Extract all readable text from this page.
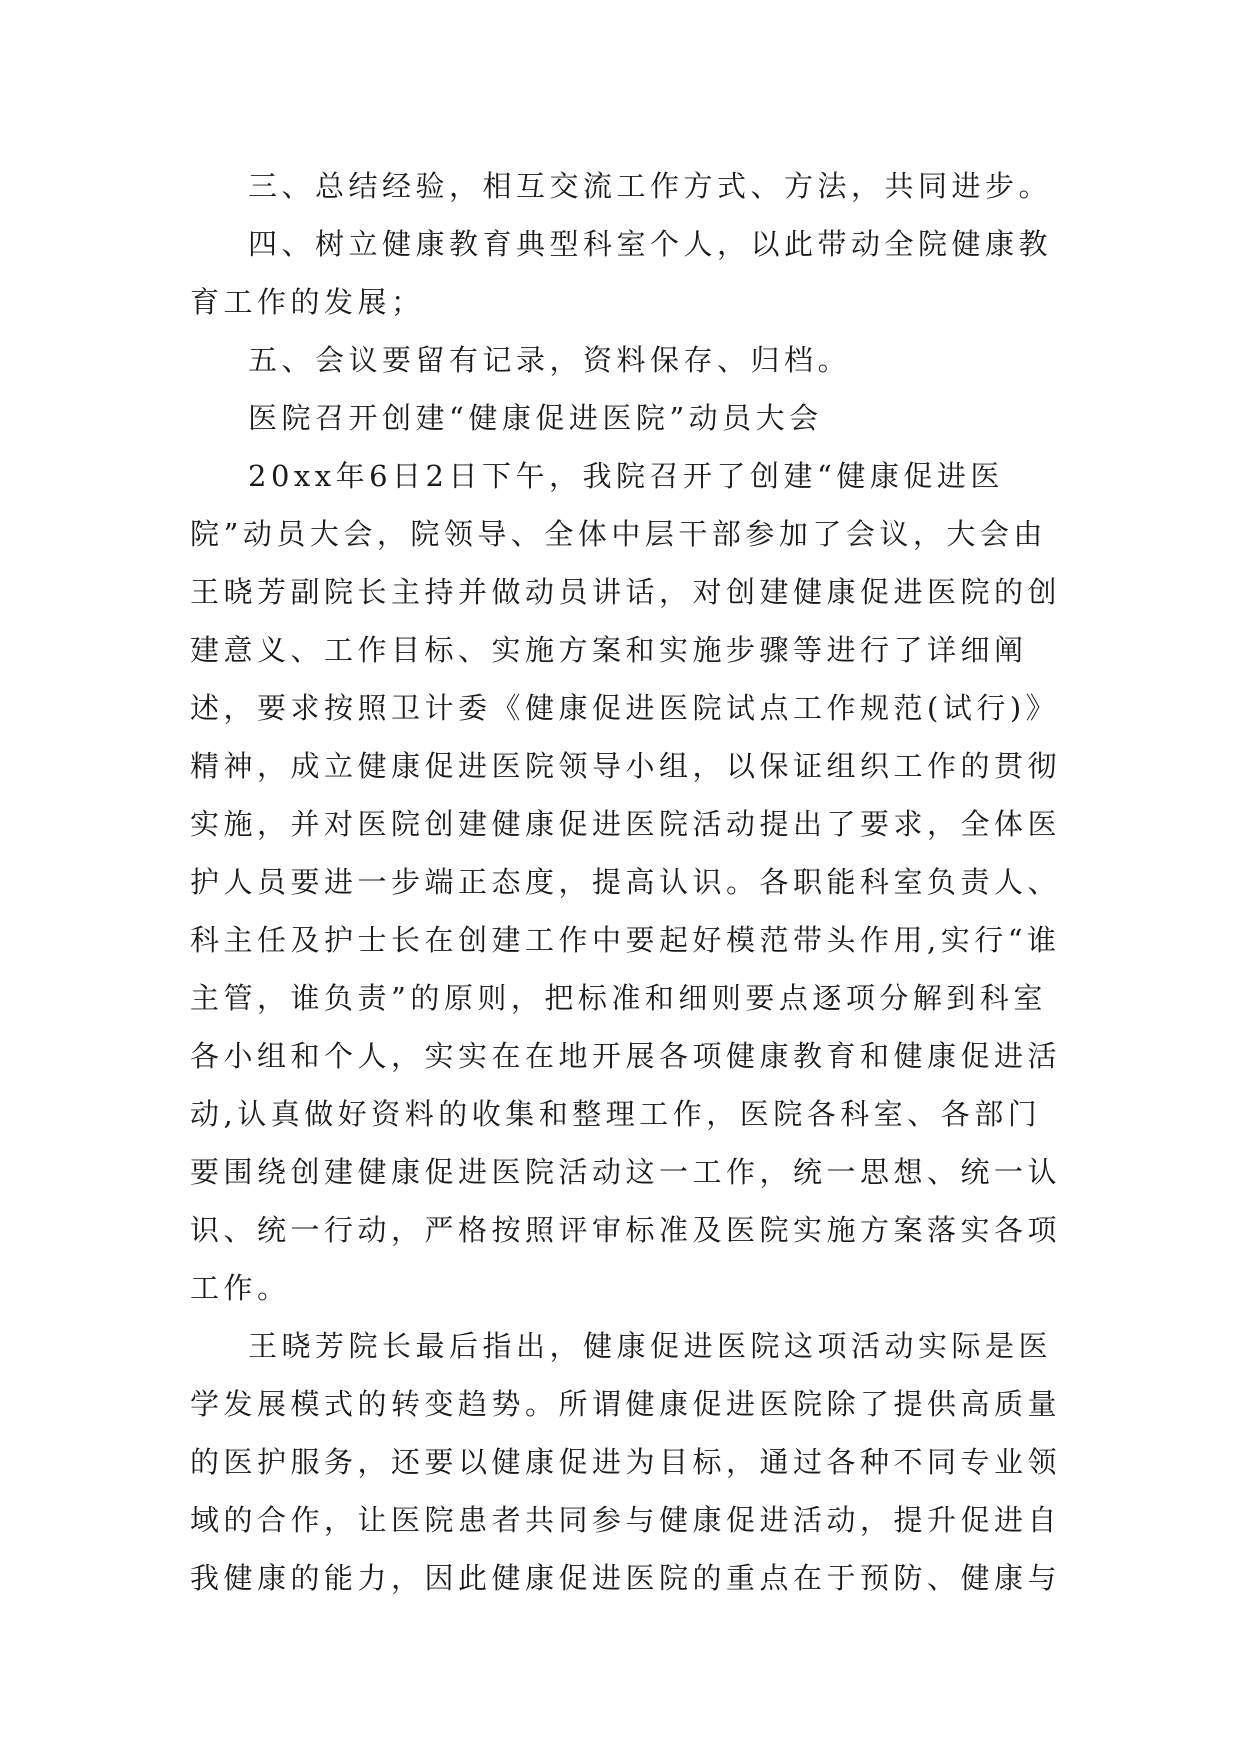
三、总结经验，相互交流工作方式、方法，共同进步。

四、树立健康教育典型科室个人，以此带动全院健康教育工作的发展；

五、会议要留有记录，资料保存、归档。

医院召开创建“健康促进医院”动员大会

20xx年6日2日下午，我院召开了创建“健康促进医院”动员大会，院领导、全体中层干部参加了会议，大会由王晓芳副院长主持并做动员讲话，对创建健康促进医院的创建意义、工作目标、实施方案和实施步骤等进行了详细阐述，要求按照卫计委《健康促进医院试点工作规范(试行)》精神，成立健康促进医院领导小组，以保证组织工作的贯彻实施，并对医院创建健康促进医院活动提出了要求，全体医护人员要进一步端正态度，提高认识。各职能科室负责人、科主任及护士长在创建工作中要起好模范带头作用,实行“谁主管，谁负责”的原则，把标准和细则要点逐项分解到科室各小组和个人，实实在在地开展各项健康教育和健康促进活动,认真做好资料的收集和整理工作，医院各科室、各部门要围绕创建健康促进医院活动这一工作，统一思想、统一认识、统一行动，严格按照评审标准及医院实施方案落实各项工作。

王晓芳院长最后指出，健康促进医院这项活动实际是医学发展模式的转变趋势。所谓健康促进医院除了提供高质量的医护服务，还要以健康促进为目标，通过各种不同专业领域的合作，让医院患者共同参与健康促进活动，提升促进自我健康的能力，因此健康促进医院的重点在于预防、健康与
